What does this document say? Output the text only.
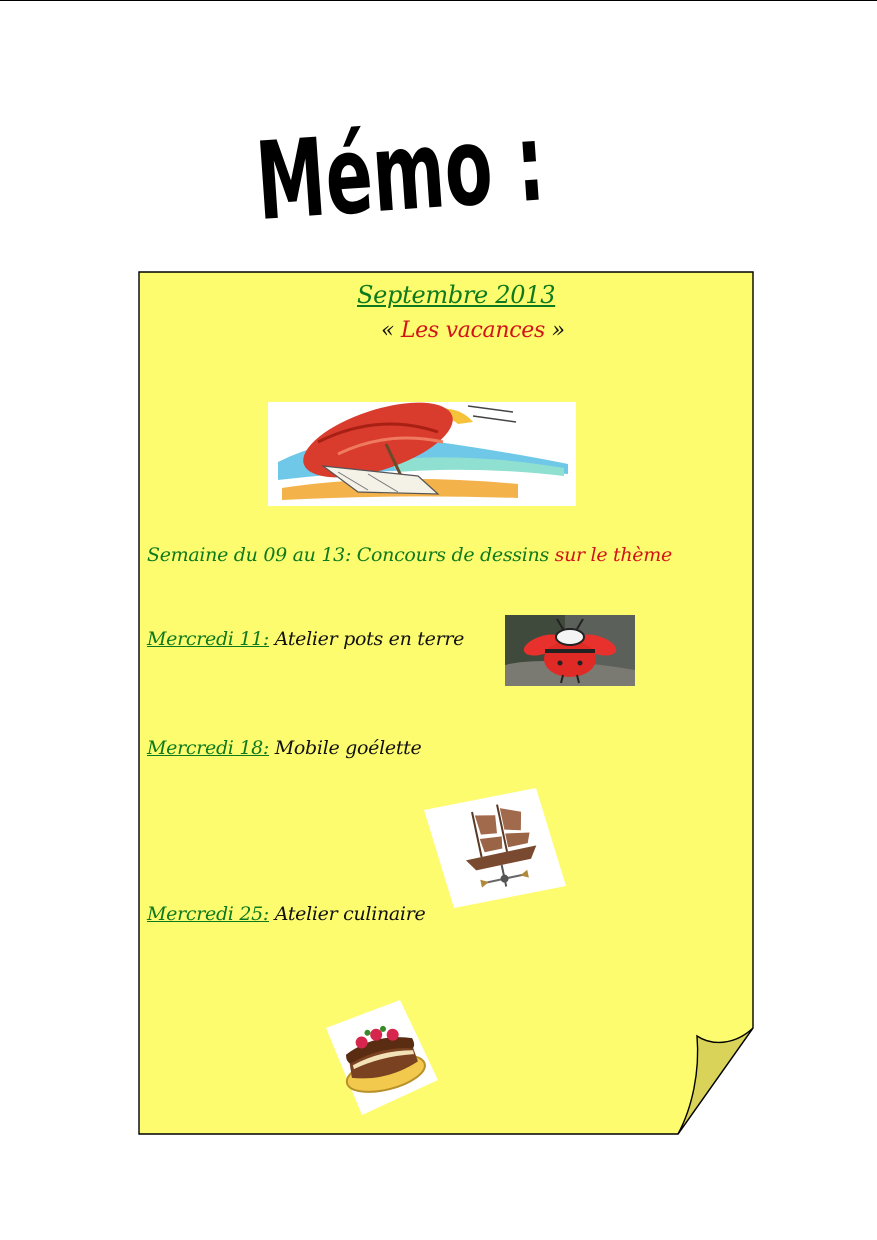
Mémo :
Septembre 2013
« Les vacances »
Semaine du 09 au 13: Concours de dessins sur le thème
Mercredi 11: Atelier pots en terre
Mercredi 18: Mobile goélette
Mercredi 25: Atelier culinaire
